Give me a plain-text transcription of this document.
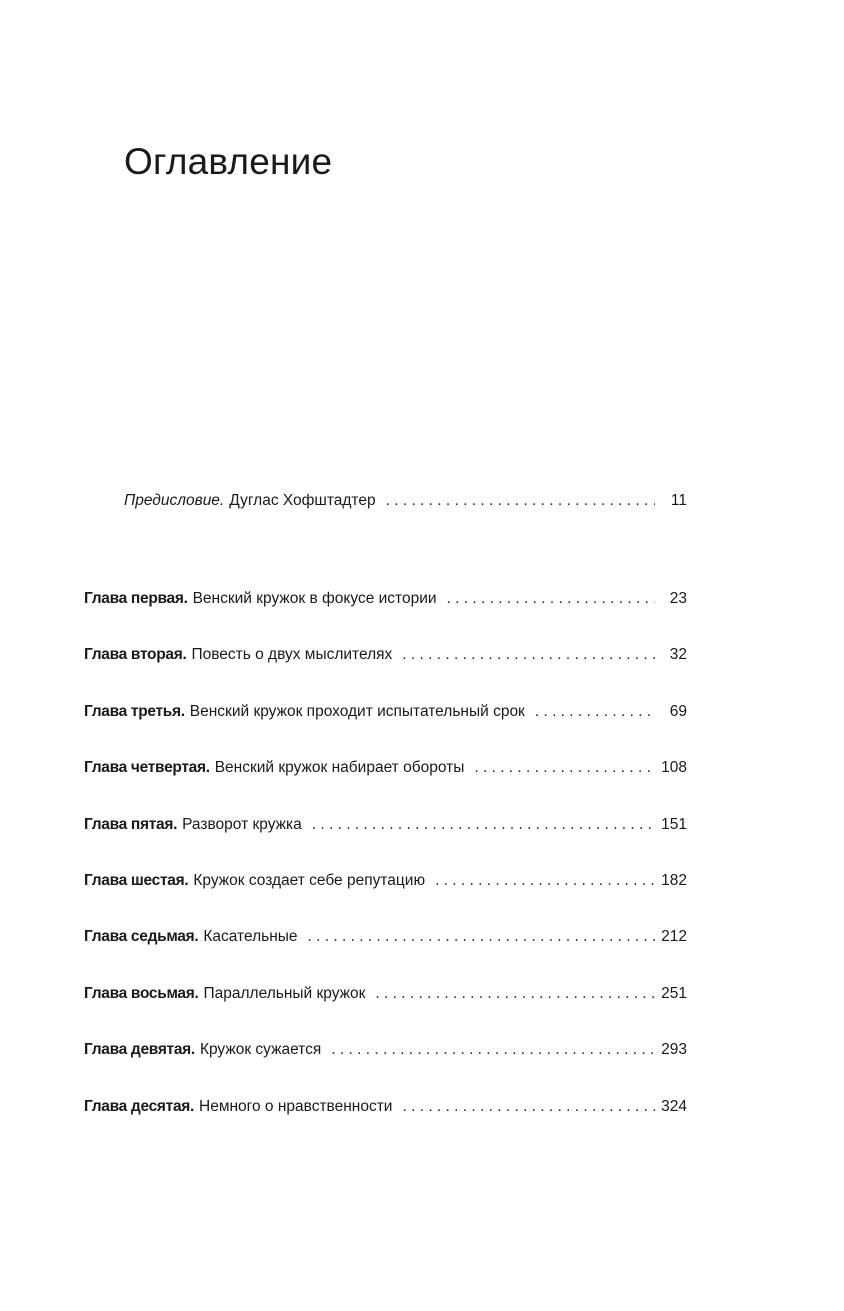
Оглавление
Предисловие. Дуглас Хофштадтер . . .	11
Глава первая. Венский кружок в фокусе истории . . .	23
Глава вторая. Повесть о двух мыслителях . . .	32
Глава третья. Венский кружок проходит испытательный срок . . .	69
Глава четвертая. Венский кружок набирает обороты . . .	108
Глава пятая. Разворот кружка . . .	151
Глава шестая. Кружок создает себе репутацию . . .	182
Глава седьмая. Касательные . . .	212
Глава восьмая. Параллельный кружок . . .	251
Глава девятая. Кружок сужается . . .	293
Глава десятая. Немного о нравственности . . .	324
